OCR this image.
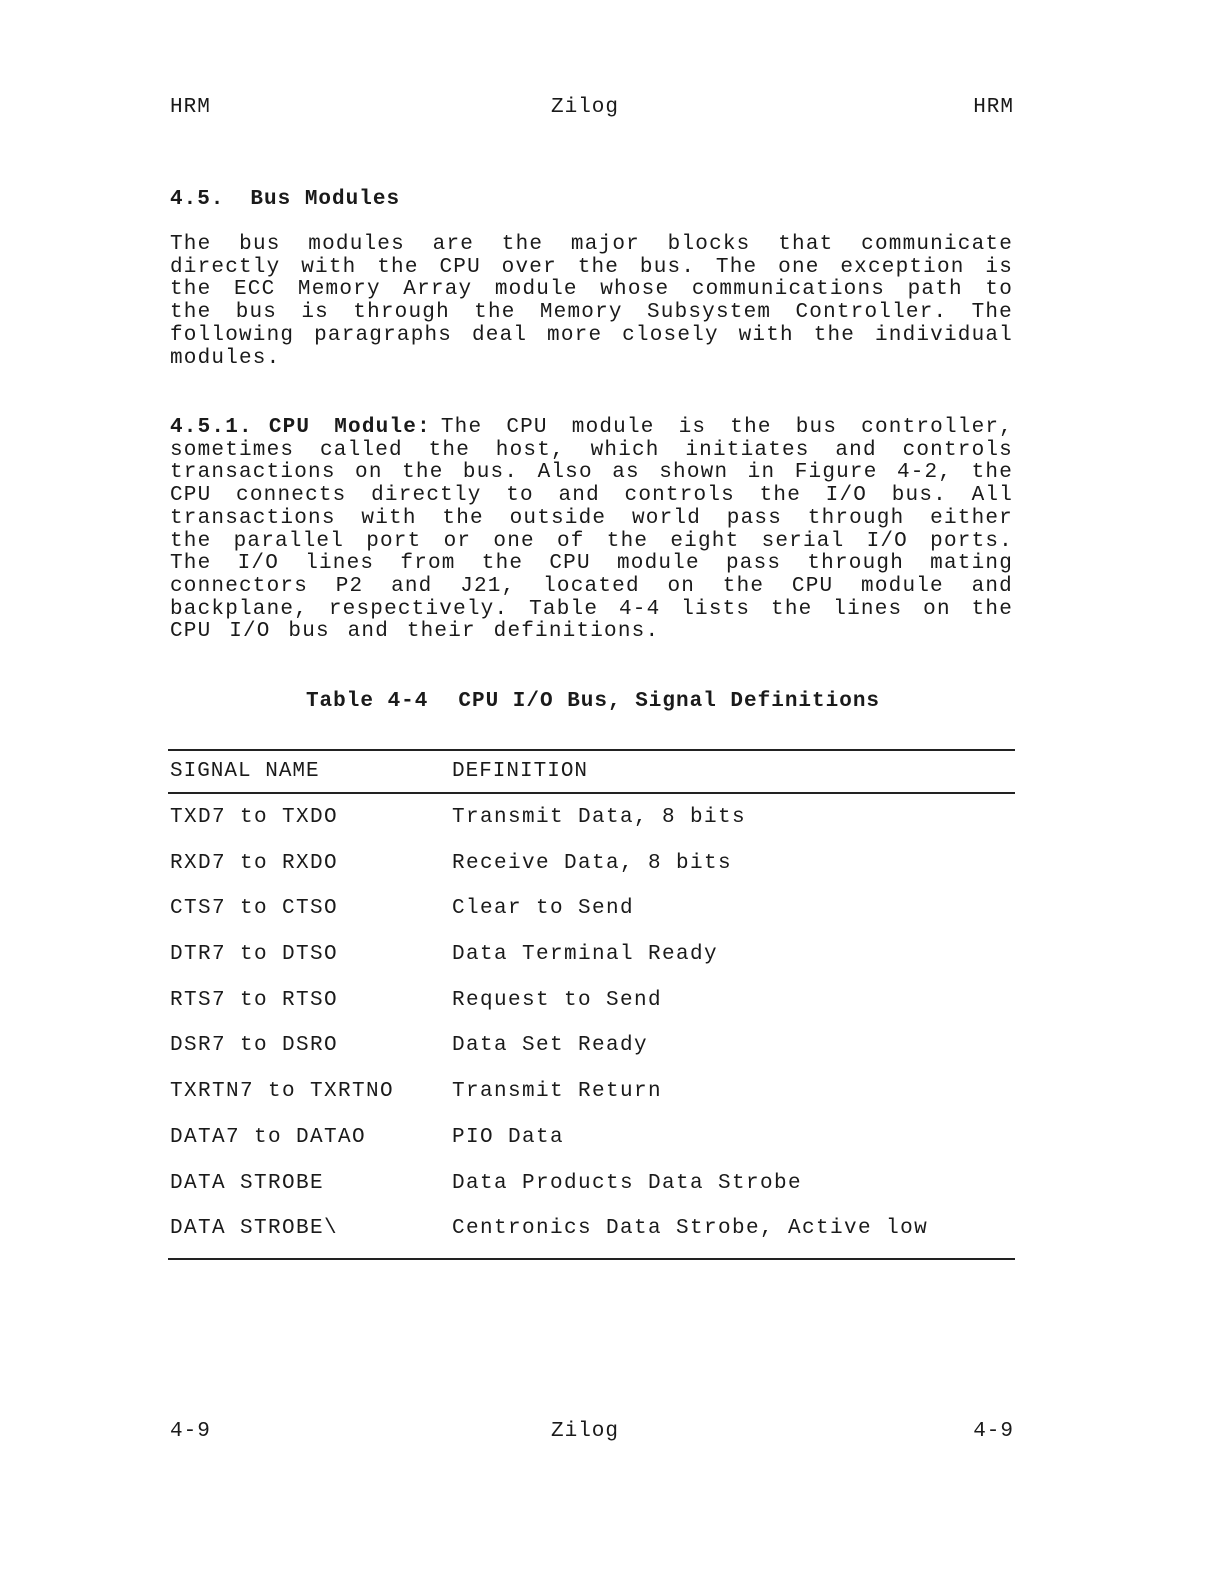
HRM	Zilog	HRM
4.5. Bus Modules
The bus modules are the major blocks that communicate directly with the CPU over the bus. The one exception is the ECC Memory Array module whose communications path to the bus is through the Memory Subsystem Controller. The following paragraphs deal more closely with the individual modules.
4.5.1. CPU Module: The CPU module is the bus controller, sometimes called the host, which initiates and controls transactions on the bus. Also as shown in Figure 4-2, the CPU connects directly to and controls the I/O bus. All transactions with the outside world pass through either the parallel port or one of the eight serial I/O ports. The I/O lines from the CPU module pass through mating connectors P2 and J21, located on the CPU module and backplane, respectively. Table 4-4 lists the lines on the CPU I/O bus and their definitions.
Table 4-4 CPU I/O Bus, Signal Definitions
SIGNAL NAME	DEFINITION
TXD7 to TXDO	Transmit Data, 8 bits
RXD7 to RXDO	Receive Data, 8 bits
CTS7 to CTSO	Clear to Send
DTR7 to DTSO	Data Terminal Ready
RTS7 to RTSO	Request to Send
DSR7 to DSRO	Data Set Ready
TXRTN7 to TXRTNO	Transmit Return
DATA7 to DATAO	PIO Data
DATA STROBE	Data Products Data Strobe
DATA STROBE\	Centronics Data Strobe, Active low
4-9	Zilog	4-9
